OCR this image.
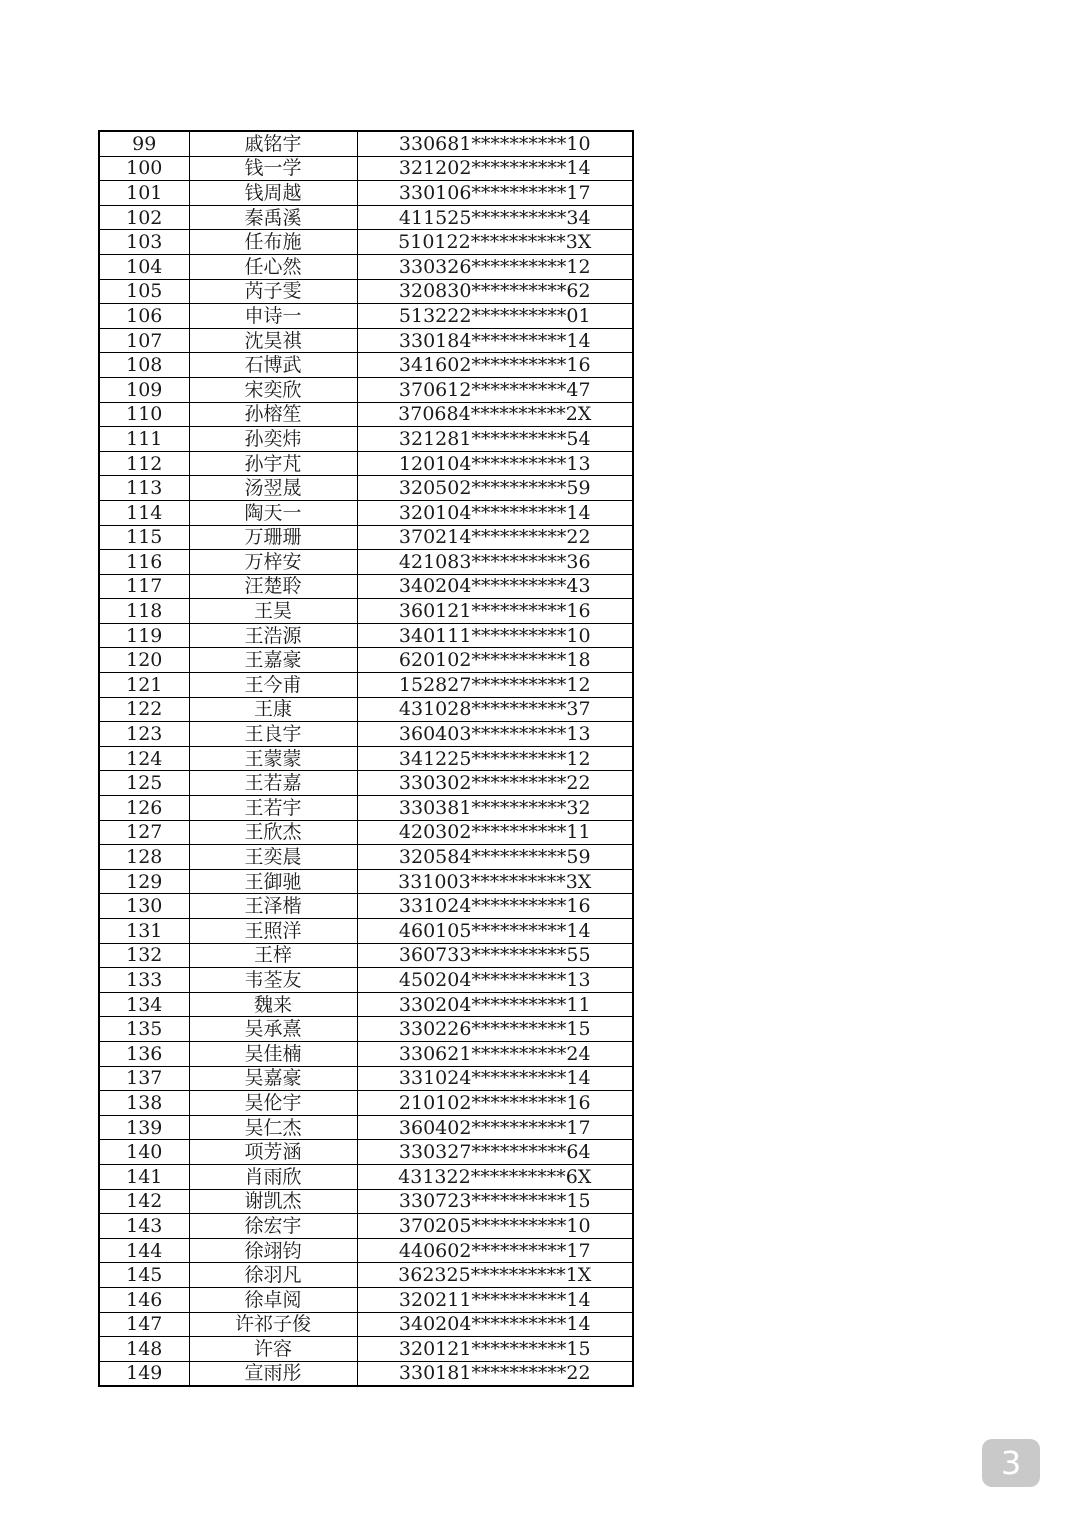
99	戚铭宇	330681**********10
100	钱一学	321202**********14
101	钱周越	330106**********17
102	秦禹溪	411525**********34
103	任布施	510122**********3X
104	任心然	330326**********12
105	芮子雯	320830**********62
106	申诗一	513222**********01
107	沈昊祺	330184**********14
108	石博武	341602**********16
109	宋奕欣	370612**********47
110	孙榕笙	370684**********2X
111	孙奕炜	321281**********54
112	孙宇芃	120104**********13
113	汤翌晟	320502**********59
114	陶天一	320104**********14
115	万珊珊	370214**********22
116	万梓安	421083**********36
117	汪楚聆	340204**********43
118	王昊	360121**********16
119	王浩源	340111**********10
120	王嘉豪	620102**********18
121	王今甫	152827**********12
122	王康	431028**********37
123	王良宇	360403**********13
124	王蒙蒙	341225**********12
125	王若嘉	330302**********22
126	王若宇	330381**********32
127	王欣杰	420302**********11
128	王奕晨	320584**********59
129	王御驰	331003**********3X
130	王泽楷	331024**********16
131	王照洋	460105**********14
132	王梓	360733**********55
133	韦荃友	450204**********13
134	魏来	330204**********11
135	吴承熹	330226**********15
136	吴佳楠	330621**********24
137	吴嘉豪	331024**********14
138	吴伦宇	210102**********16
139	吴仁杰	360402**********17
140	项芳涵	330327**********64
141	肖雨欣	431322**********6X
142	谢凯杰	330723**********15
143	徐宏宇	370205**********10
144	徐翊钧	440602**********17
145	徐羽凡	362325**********1X
146	徐卓阅	320211**********14
147	许祁子俊	340204**********14
148	许容	320121**********15
149	宣雨彤	330181**********22
3
